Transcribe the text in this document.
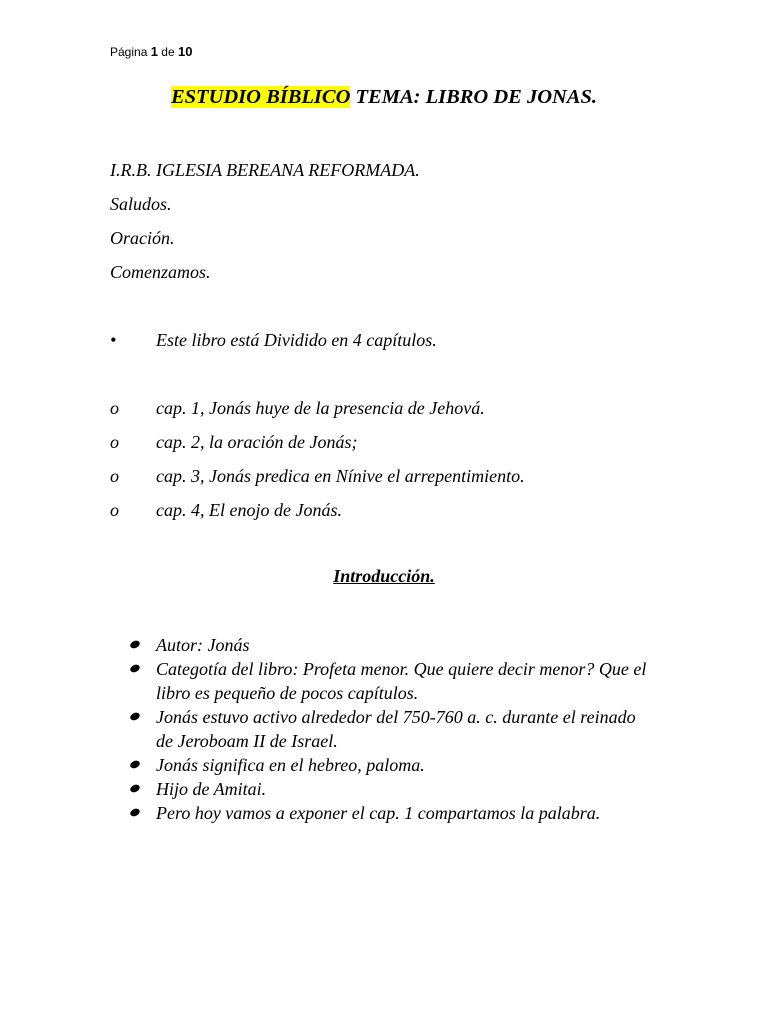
Página 1 de 10
ESTUDIO BÍBLICO TEMA: LIBRO DE JONAS.
I.R.B. IGLESIA BEREANA REFORMADA.
Saludos.
Oración.
Comenzamos.
• Este libro está Dividido en 4 capítulos.
o cap. 1, Jonás huye de la presencia de Jehová.
o cap. 2, la oración de Jonás;
o cap. 3, Jonás predica en Nínive el arrepentimiento.
o cap. 4, El enojo de Jonás.
Introducción.
Autor: Jonás
Categotía del libro: Profeta menor. Que quiere decir menor? Que el libro es pequeño de pocos capítulos.
Jonás estuvo activo alrededor del 750-760 a. c. durante el reinado de Jeroboam II de Israel.
Jonás significa en el hebreo, paloma.
Hijo de Amitai.
Pero hoy vamos a exponer el cap. 1 compartamos la palabra.
